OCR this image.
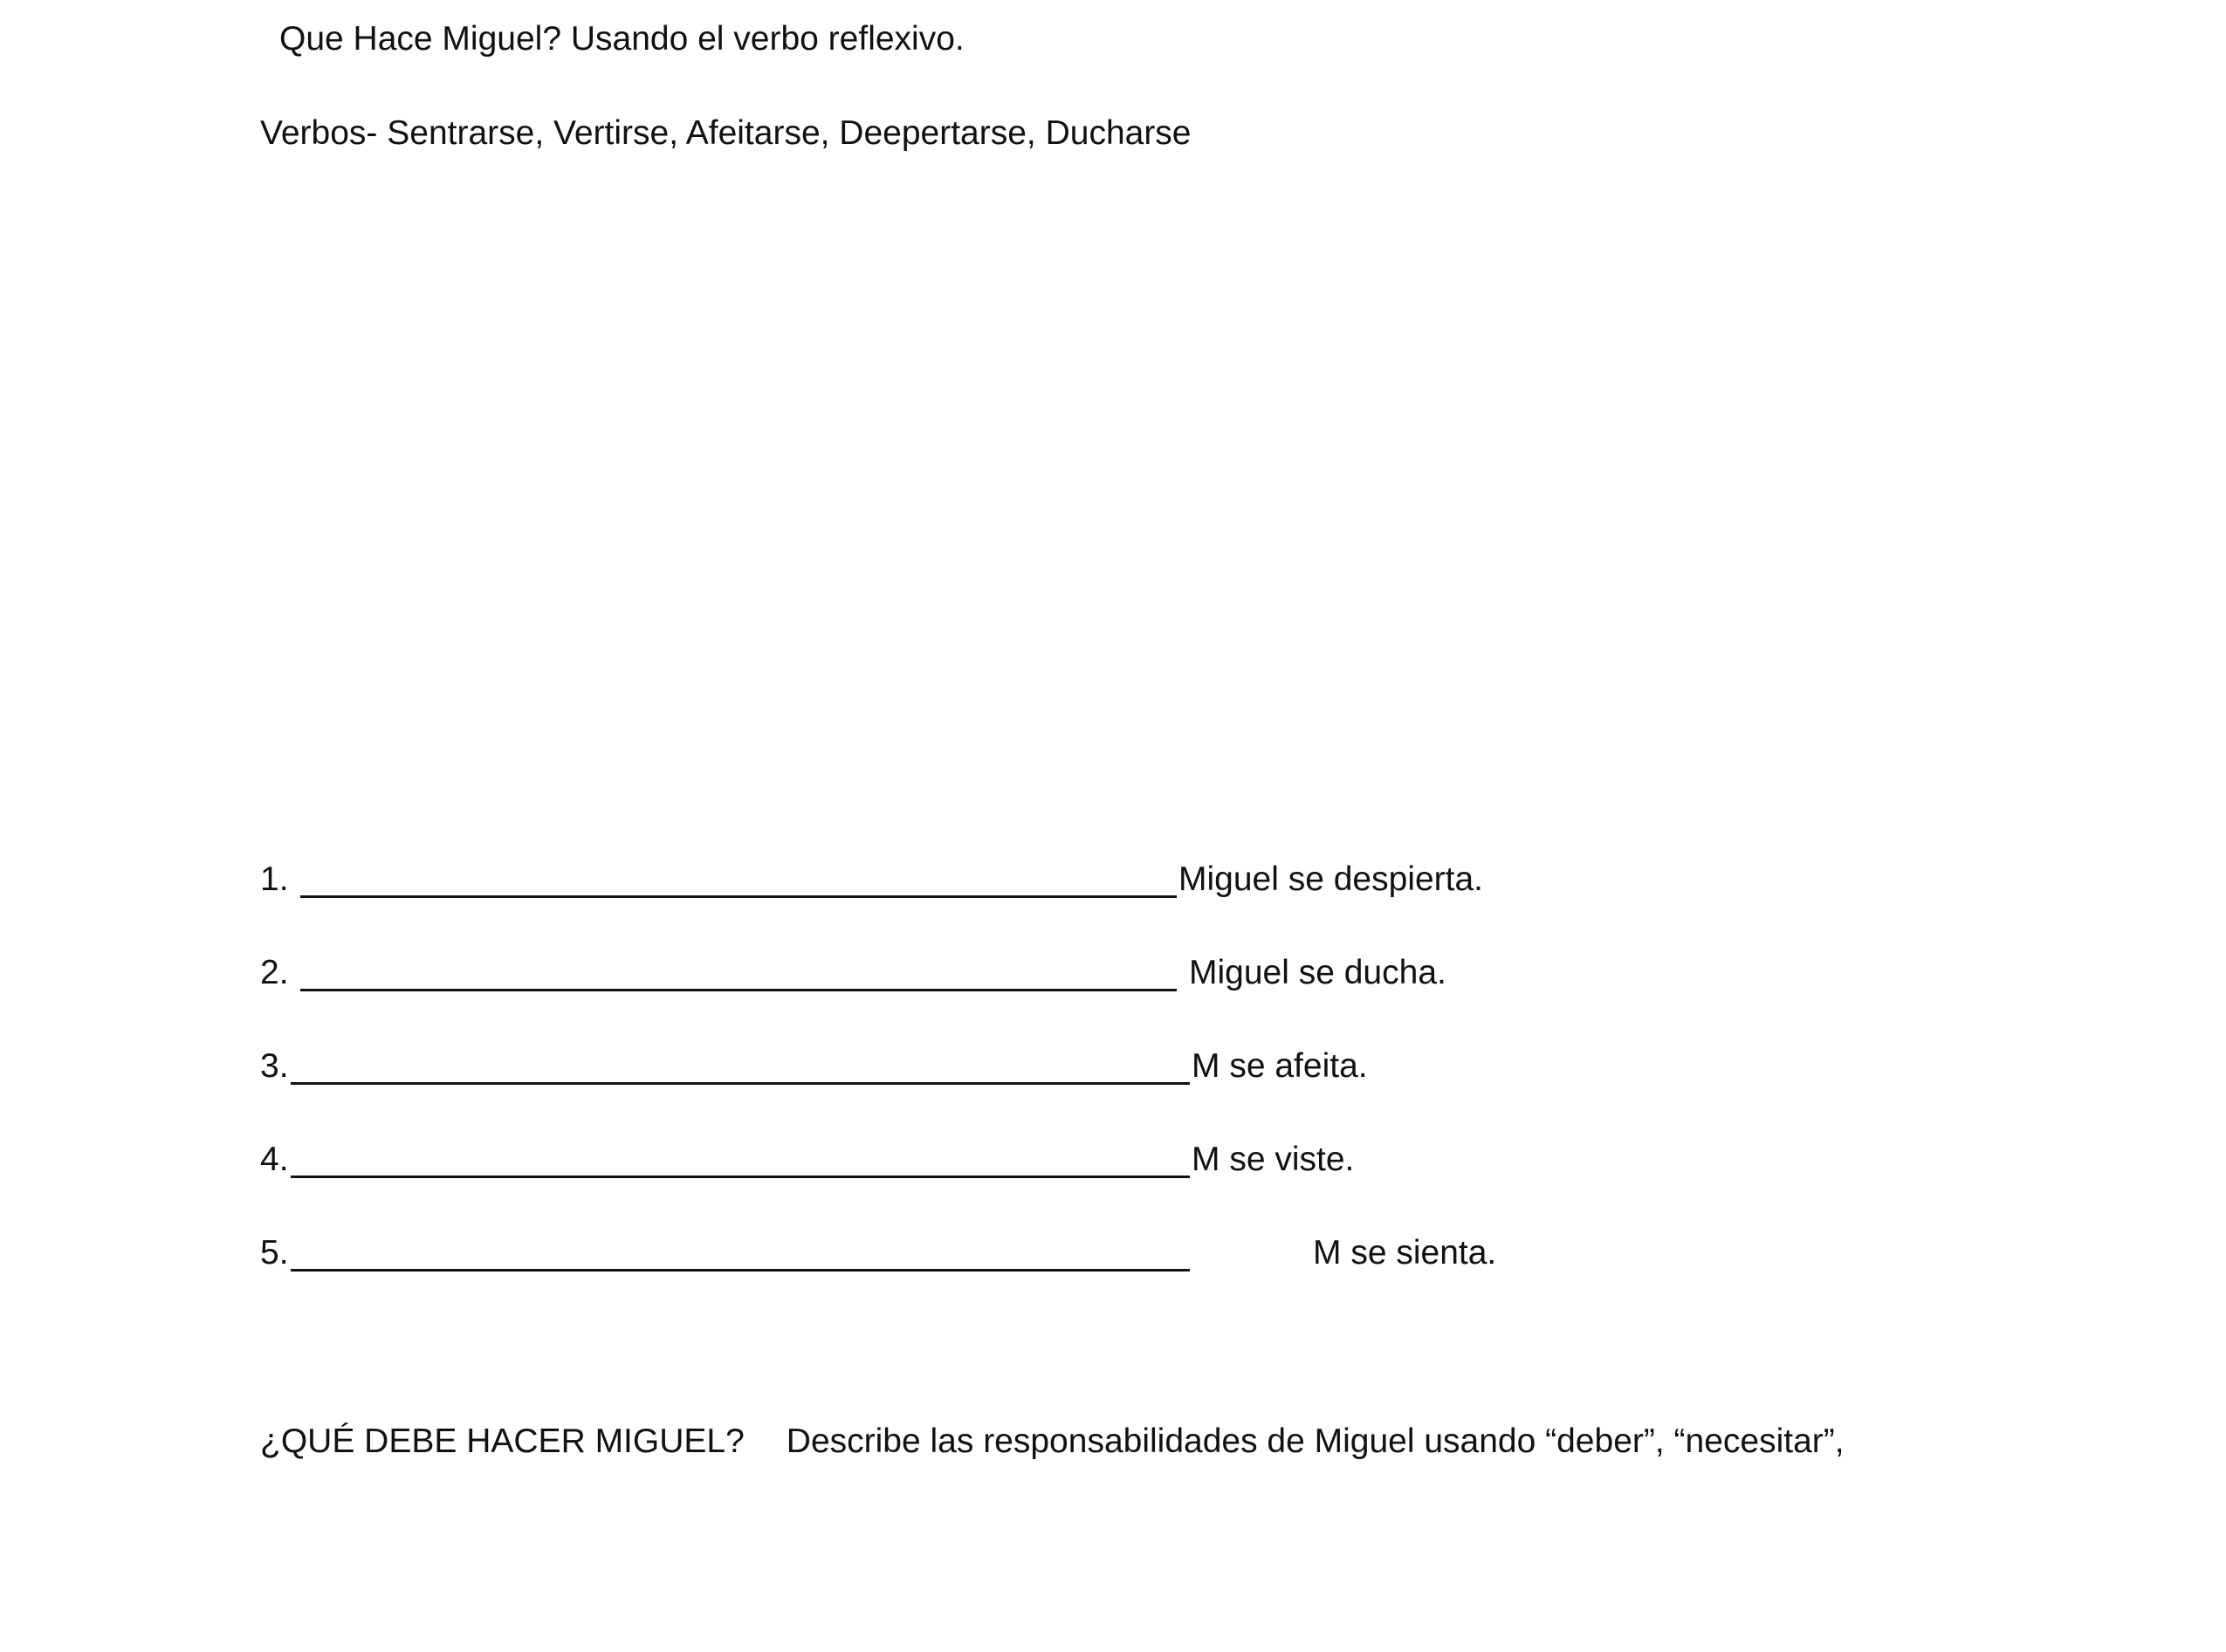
Que Hace Miguel? Usando el verbo reflexivo.
Verbos- Sentrarse, Vertirse, Afeitarse, Deepertarse, Ducharse

1.

	Miguel se despierta.

2.

	Miguel se ducha.

3.

	M se afeita.

4.

	M se viste.

5.

	M se sienta.

¿QUÉ DEBE HACER MIGUEL? Describe las responsabilidades de Miguel usando “deber”, “necesitar”,
